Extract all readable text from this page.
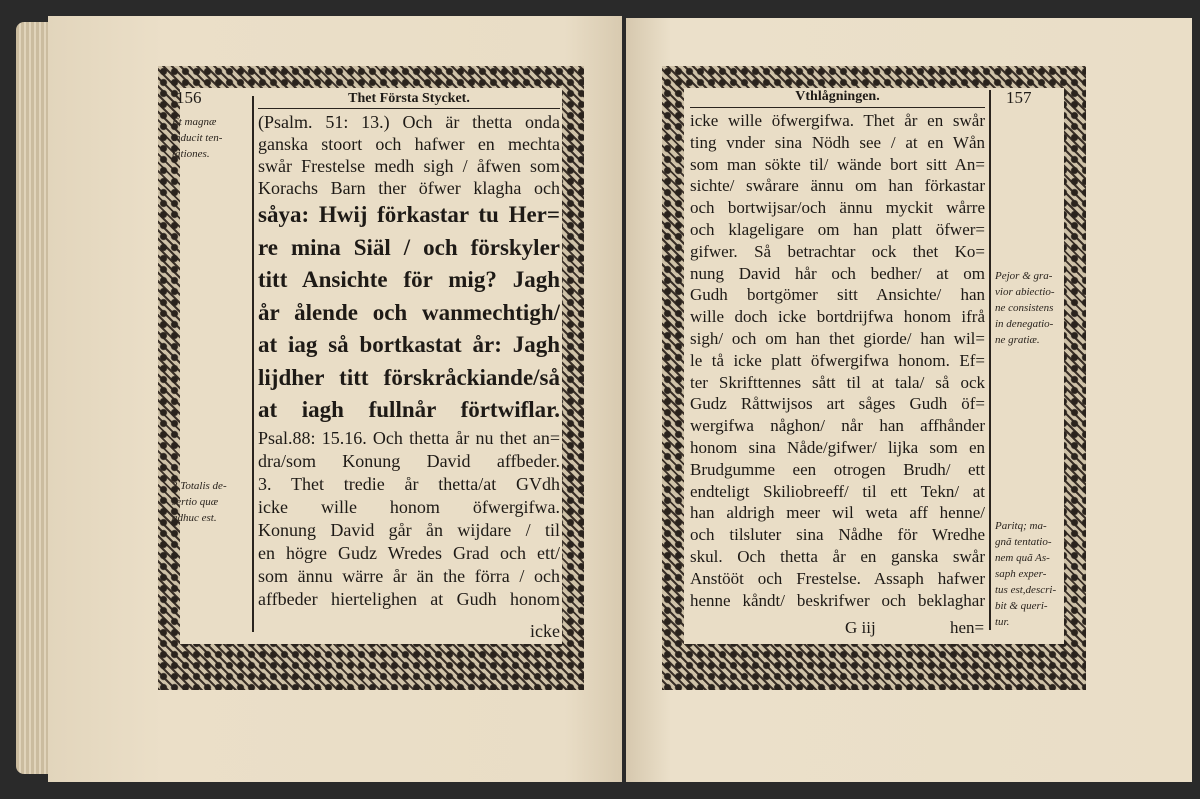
156	Thet Första Stycket.
Et magnæ
inducit ten-
tationes.
3.Totalis de-
sertio quæ
adhuc est.
(Psalm. 51: 13.) Och är thetta onda
ganska stoort och hafwer en mechta
swår Frestelse medh sigh / åfwen som
Korachs Barn ther öfwer klagha och
såya: Hwij förkastar tu Her=
re mina Siäl / och förskyler
titt Ansichte för mig? Jagh
år ålende och wanmechtigh/
at iag så bortkastat år: Jagh
lijdher titt förskråckiande/så
at iagh fullnår förtwiflar.
Psal.88: 15.16. Och thetta år nu thet an=
dra/som Konung David affbeder.
3. Thet tredie år thetta/at GVdh
icke wille honom öfwergifwa.
Konung David går ån wijdare / til
en högre Gudz Wredes Grad och ett/
som ännu wärre år än the förra / och
affbeder hiertelighen at Gudh honom
icke
Vthlågningen.	157
Pejor & gra-
vior abiectio-
ne consistens
in denegatio-
ne gratiæ.
Paritq; ma-
gnã tentatio-
nem quã As-
saph exper-
tus est,descri-
bit & queri-
tur.
icke wille öfwergifwa. Thet år en swår
ting vnder sina Nödh see / at en Wån
som man sökte til/ wände bort sitt An=
sichte/ swårare ännu om han förkastar
och bortwijsar/och ännu myckit wårre
och klageligare om han platt öfwer=
gifwer. Så betrachtar ock thet Ko=
nung David hår och bedher/ at om
Gudh bortgömer sitt Ansichte/ han
wille doch icke bortdrijfwa honom ifrå
sigh/ och om han thet giorde/ han wil=
le tå icke platt öfwergifwa honom. Ef=
ter Skrifttennes sått til at tala/ så ock
Gudz Råttwijsos art såges Gudh öf=
wergifwa någhon/ når han affhånder
honom sina Nåde/gifwer/ lijka som en
Brudgumme een otrogen Brudh/ ett
endteligt Skiliobreeff/ til ett Tekn/ at
han aldrigh meer wil weta aff henne/
och tilsluter sina Nådhe för Wredhe
skul. Och thetta år en ganska swår
Anstööt och Frestelse. Assaph hafwer
henne kåndt/ beskrifwer och beklaghar
G iij	hen=
